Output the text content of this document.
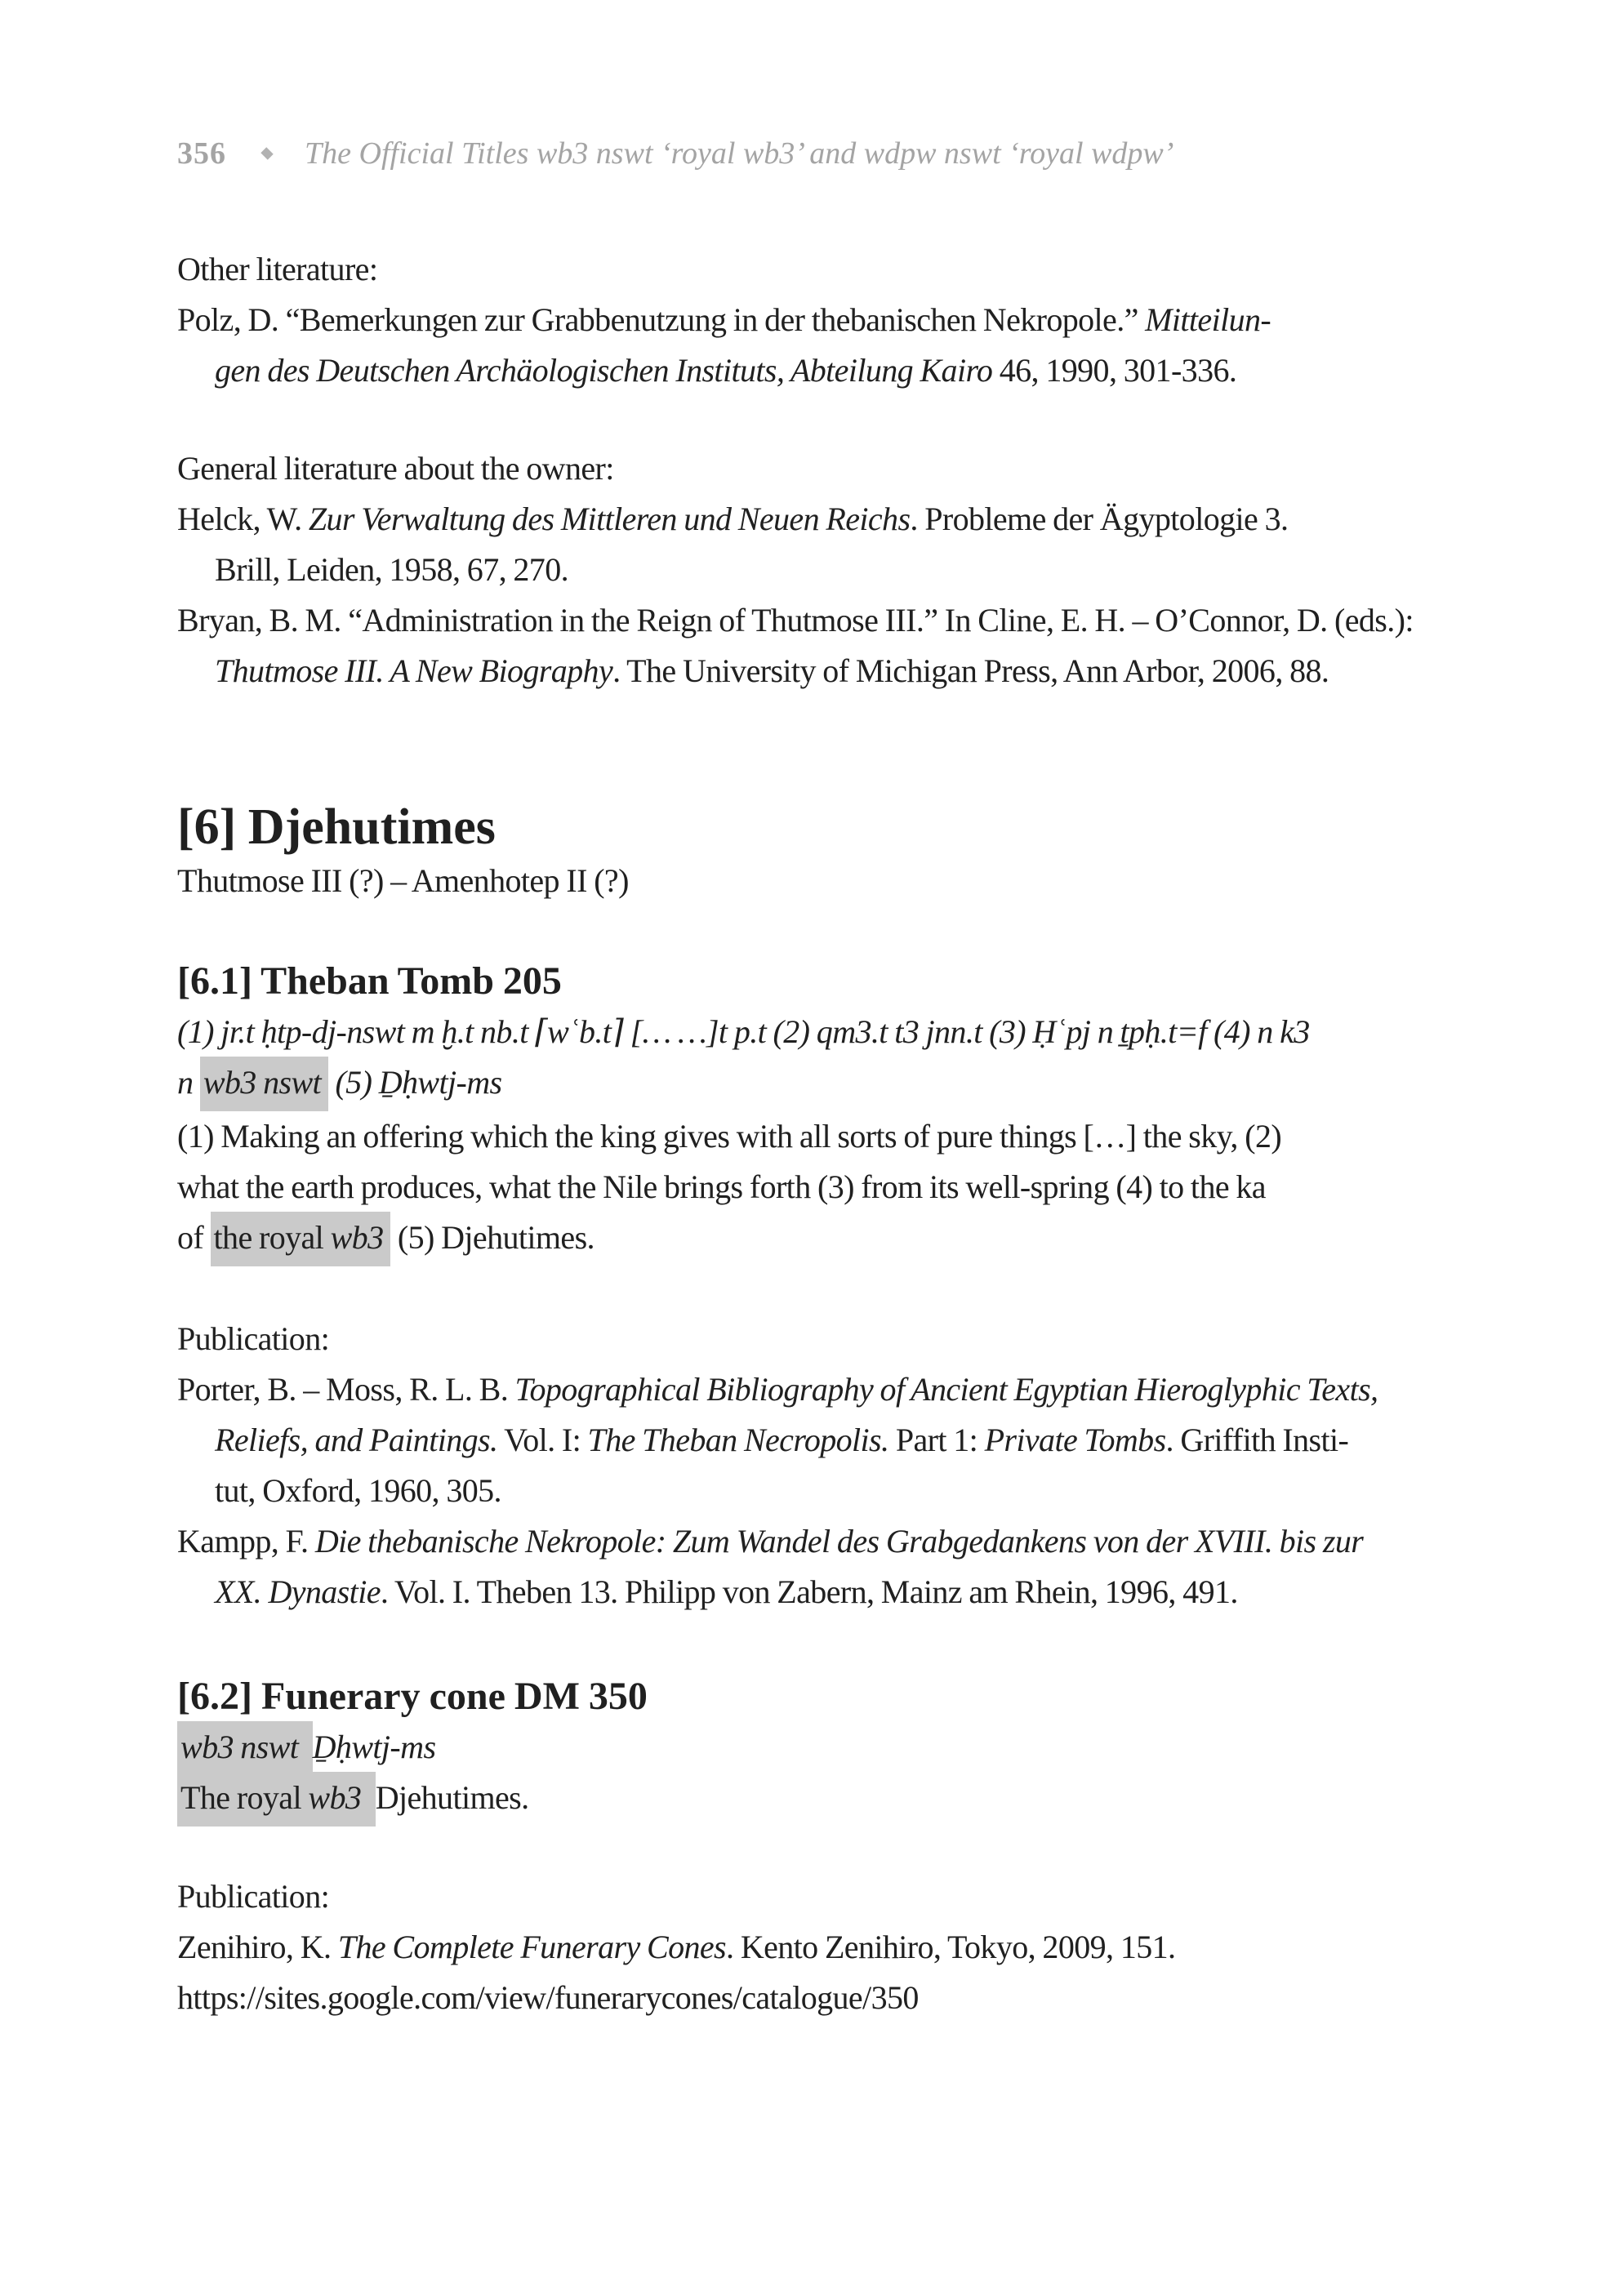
356	The Official Titles wb3 nswt ‘royal wb3’ and wdpw nswt ‘royal wdpw’
Other literature:
Polz, D. “Bemerkungen zur Grabbenutzung in der thebanischen Nekropole.” Mitteilun-
gen des Deutschen Archäologischen Instituts, Abteilung Kairo 46, 1990, 301-336.
General literature about the owner:
Helck, W. Zur Verwaltung des Mittleren und Neuen Reichs. Probleme der Ägyptologie 3.
Brill, Leiden, 1958, 67, 270.
Bryan, B. M. “Administration in the Reign of Thutmose III.” In Cline, E. H. – O’Connor, D. (eds.):
Thutmose III. A New Biography. The University of Michigan Press, Ann Arbor, 2006, 88.
[6] Djehutimes
Thutmose III (?) – Amenhotep II (?)
[6.1] Theban Tomb 205
(1) jr.t ḥtp-dj-nswt m ḫ.t nb.t ⌈wʿb.t⌉ [… …]t p.t (2) qm3.t t3 jnn.t (3) Ḥʿpj n ṯpḥ.t=f (4) n k3
n wb3 nswt (5) Ḏḥwtj-ms
(1) Making an offering which the king gives with all sorts of pure things […] the sky, (2)
what the earth produces, what the Nile brings forth (3) from its well-spring (4) to the ka
of the royal wb3 (5) Djehutimes.
Publication:
Porter, B. – Moss, R. L. B. Topographical Bibliography of Ancient Egyptian Hieroglyphic Texts,
Reliefs, and Paintings. Vol. I: The Theban Necropolis. Part 1: Private Tombs. Griffith Insti-
tut, Oxford, 1960, 305.
Kampp, F. Die thebanische Nekropole: Zum Wandel des Grabgedankens von der XVIII. bis zur
XX. Dynastie. Vol. I. Theben 13. Philipp von Zabern, Mainz am Rhein, 1996, 491.
[6.2] Funerary cone DM 350
wb3 nswt Ḏḥwtj-ms
The royal wb3 Djehutimes.
Publication:
Zenihiro, K. The Complete Funerary Cones. Kento Zenihiro, Tokyo, 2009, 151.
https://sites.google.com/view/funerarycones/catalogue/350
